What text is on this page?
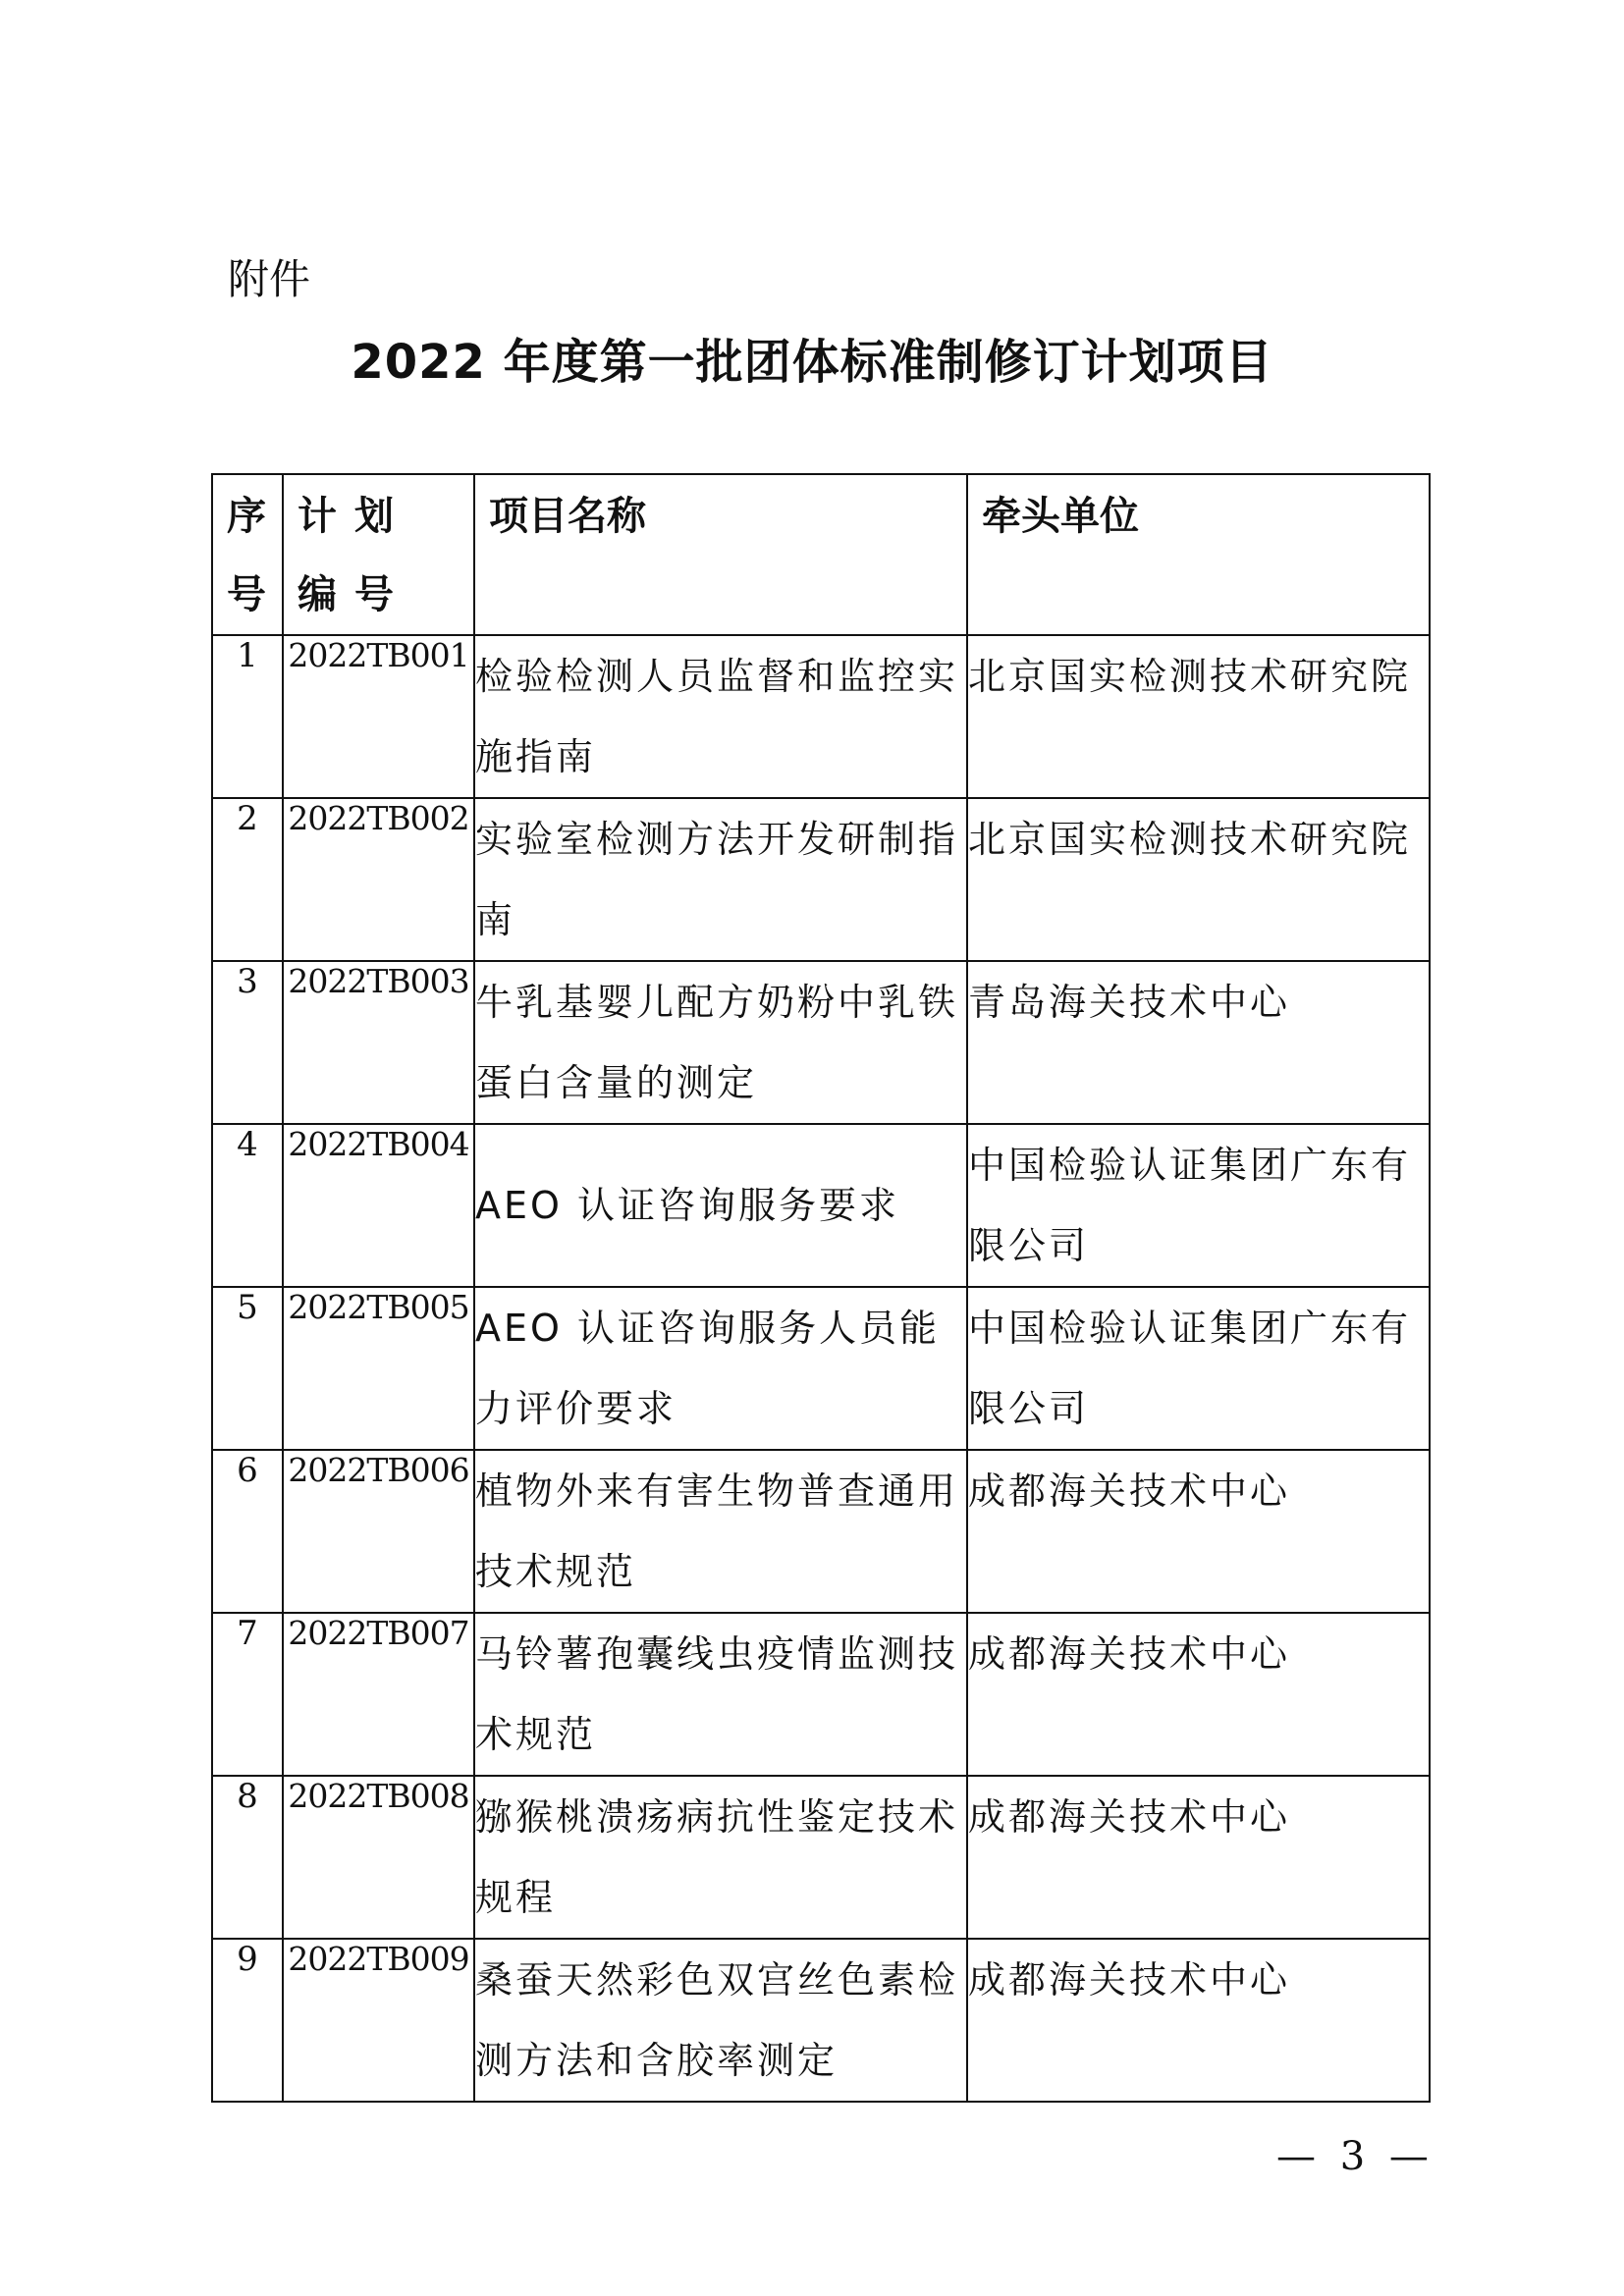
附件
2022 年度第一批团体标准制修订计划项目
序号	计划编号	项目名称	牵头单位

1	2022TB001	检验检测人员监督和监控实施指南	北京国实检测技术研究院
2	2022TB002	实验室检测方法开发研制指南	北京国实检测技术研究院
3	2022TB003	牛乳基婴儿配方奶粉中乳铁蛋白含量的测定	青岛海关技术中心
4	2022TB004	AEO 认证咨询服务要求	中国检验认证集团广东有限公司
5	2022TB005	AEO 认证咨询服务人员能力评价要求	中国检验认证集团广东有限公司
6	2022TB006	植物外来有害生物普查通用技术规范	成都海关技术中心
7	2022TB007	马铃薯孢囊线虫疫情监测技术规范	成都海关技术中心
8	2022TB008	猕猴桃溃疡病抗性鉴定技术规程	成都海关技术中心
9	2022TB009	桑蚕天然彩色双宫丝色素检测方法和含胶率测定	成都海关技术中心
— 3 —
